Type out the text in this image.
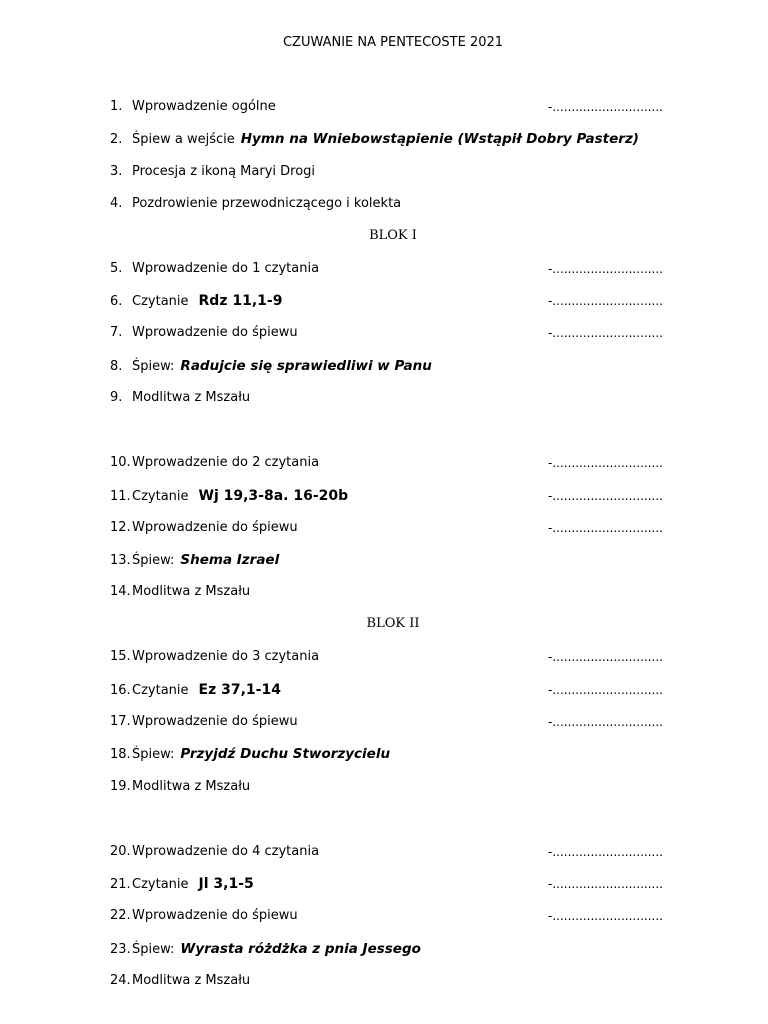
CZUWANIE NA PENTECOSTE 2021
BLOK I
BLOK II
1. Wprowadzenie ogólne	-.............................
2. Śpiew a wejście Hymn na Wniebowstąpienie (Wstąpił Dobry Pasterz)
3. Procesja z ikoną Maryi Drogi
4. Pozdrowienie przewodniczącego i kolekta
5. Wprowadzenie do 1 czytania	-.............................
6. Czytanie Rdz 11,1-9	-.............................
7. Wprowadzenie do śpiewu	-.............................
8. Śpiew: Radujcie się sprawiedliwi w Panu
9. Modlitwa z Mszału
10.Wprowadzenie do 2 czytania	-.............................
11.Czytanie Wj 19,3-8a. 16-20b	-.............................
12.Wprowadzenie do śpiewu	-.............................
13.Śpiew: Shema Izrael
14.Modlitwa z Mszału
15.Wprowadzenie do 3 czytania	-.............................
16.Czytanie Ez 37,1-14	-.............................
17.Wprowadzenie do śpiewu	-.............................
18.Śpiew: Przyjdź Duchu Stworzycielu
19.Modlitwa z Mszału
20.Wprowadzenie do 4 czytania	-.............................
21.Czytanie Jl 3,1-5	-.............................
22.Wprowadzenie do śpiewu	-.............................
23.Śpiew: Wyrasta różdżka z pnia Jessego
24.Modlitwa z Mszału
